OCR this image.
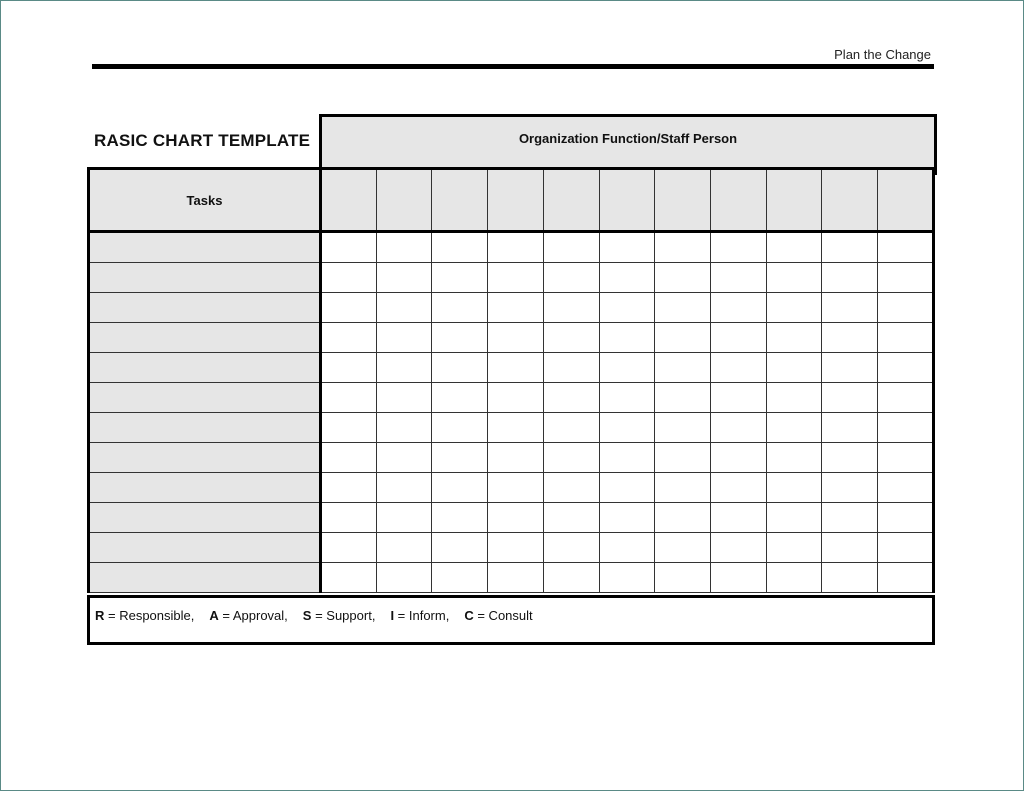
Plan the Change
RASIC CHART TEMPLATE	Organization Function/Staff Person
Tasks											

R = Responsible, A = Approval, S = Support, I = Inform, C = Consult
